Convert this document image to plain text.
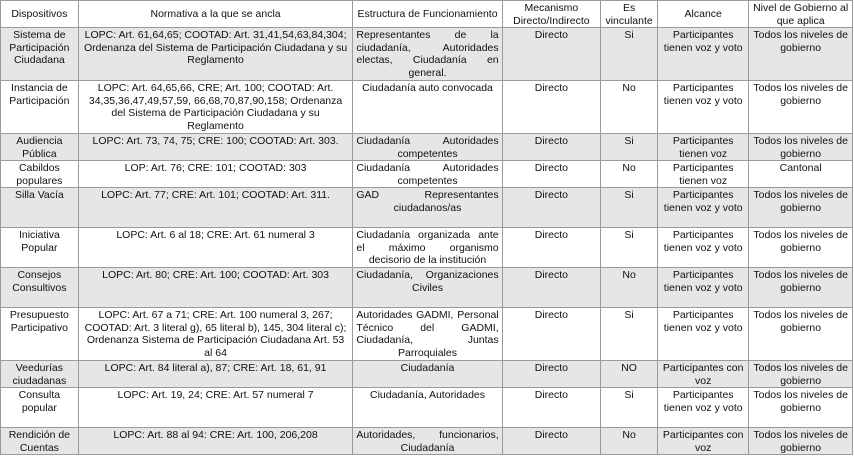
Dispositivos	Normativa a la que se ancla	Estructura de Funcionamiento	Mecanismo Directo/Indirecto	Es vinculante	Alcance	Nivel de Gobierno al que aplica
Sistema de Participación Ciudadana	LOPC: Art. 61,64,65; COOTAD: Art. 31,41,54,63,84,304; Ordenanza del Sistema de Participación Ciudadana y su Reglamento	Representantes de la ciudadanía, Autoridades electas, Ciudadanía en general.	Directo	Si	Participantes tienen voz y voto	Todos los niveles de gobierno
Instancia de Participación	LOPC: Art. 64,65,66, CRE; Art. 100; COOTAD: Art. 34,35,36,47,49,57,59, 66,68,70,87,90,158; Ordenanza del Sistema de Participación Ciudadana y su Reglamento	Ciudadanía auto convocada	Directo	No	Participantes tienen voz y voto	Todos los niveles de gobierno
Audiencia Pública	LOPC: Art. 73, 74, 75; CRE: 100; COOTAD: Art. 303.	Ciudadanía Autoridades competentes	Directo	Si	Participantes tienen voz	Todos los niveles de gobierno
Cabildos populares	LOP: Art. 76; CRE: 101; COOTAD: 303	Ciudadanía Autoridades competentes	Directo	No	Participantes tienen voz	Cantonal
Silla Vacía	LOPC: Art. 77; CRE: Art. 101; COOTAD: Art. 311.	GAD Representantes ciudadanos/as	Directo	Si	Participantes tienen voz y voto	Todos los niveles de gobierno
Iniciativa Popular	LOPC: Art. 6 al 18; CRE: Art. 61 numeral 3	Ciudadanía organizada ante el máximo organismo decisorio de la institución	Directo	Si	Participantes tienen voz y voto	Todos los niveles de gobierno
Consejos Consultivos	LOPC: Art. 80; CRE: Art. 100; COOTAD: Art. 303	Ciudadanía, Organizaciones Civiles	Directo	No	Participantes tienen voz y voto	Todos los niveles de gobierno
Presupuesto Participativo	LOPC: Art. 67 a 71; CRE: Art. 100 numeral 3, 267; COOTAD: Art. 3 literal g), 65 literal b), 145, 304 literal c); Ordenanza Sistema de Participación Ciudadana Art. 53 al 64	Autoridades GADMI, Personal Técnico del GADMI, Ciudadanía, Juntas Parroquiales	Directo	Si	Participantes tienen voz y voto	Todos los niveles de gobierno
Veedurías ciudadanas	LOPC: Art. 84 literal a), 87; CRE: Art. 18, 61, 91	Ciudadanía	Directo	NO	Participantes con voz	Todos los niveles de gobierno
Consulta popular	LOPC: Art. 19, 24; CRE: Art. 57 numeral 7	Ciudadanía, Autoridades	Directo	Si	Participantes tienen voz y voto	Todos los niveles de gobierno
Rendición de Cuentas	LOPC: Art. 88 al 94: CRE: Art. 100, 206,208	Autoridades, funcionarios, Ciudadanía	Directo	No	Participantes con voz	Todos los niveles de gobierno
